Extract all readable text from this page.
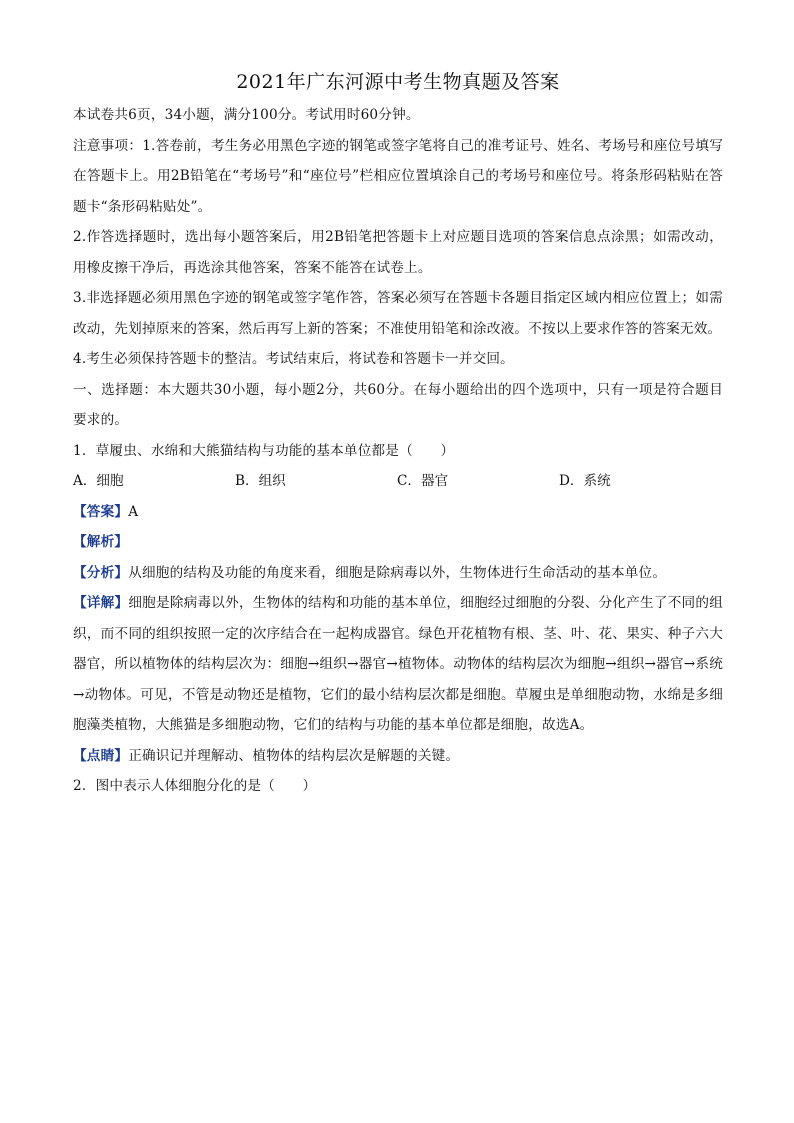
2021年广东河源中考生物真题及答案

本试卷共6页，34小题，满分100分。考试用时60分钟。

注意事项：1.答卷前，考生务必用黑色字迹的钢笔或签字笔将自己的准考证号、姓名、考场号和座位号填写在答题卡上。用2B铅笔在“考场号”和“座位号”栏相应位置填涂自己的考场号和座位号。将条形码粘贴在答题卡“条形码粘贴处”。

2.作答选择题时，选出每小题答案后，用2B铅笔把答题卡上对应题目选项的答案信息点涂黑；如需改动，用橡皮擦干净后，再选涂其他答案，答案不能答在试卷上。

3.非选择题必须用黑色字迹的钢笔或签字笔作答，答案必须写在答题卡各题目指定区域内相应位置上；如需改动，先划掉原来的答案，然后再写上新的答案；不准使用铅笔和涂改液。不按以上要求作答的答案无效。

4.考生必须保持答题卡的整洁。考试结束后，将试卷和答题卡一并交回。

一、选择题：本大题共30小题，每小题2分，共60分。在每小题给出的四个选项中，只有一项是符合题目要求的。

1．草履虫、水绵和大熊猫结构与功能的基本单位都是（　　）

A．细胞	B．组织	C．器官	D．系统

【答案】A

【解析】

【分析】从细胞的结构及功能的角度来看，细胞是除病毒以外，生物体进行生命活动的基本单位。

【详解】细胞是除病毒以外，生物体的结构和功能的基本单位，细胞经过细胞的分裂、分化产生了不同的组织，而不同的组织按照一定的次序结合在一起构成器官。绿色开花植物有根、茎、叶、花、果实、种子六大器官，所以植物体的结构层次为：细胞→组织→器官→植物体。动物体的结构层次为细胞→组织→器官→系统→动物体。可见，不管是动物还是植物，它们的最小结构层次都是细胞。草履虫是单细胞动物，水绵是多细胞藻类植物，大熊猫是多细胞动物，它们的结构与功能的基本单位都是细胞，故选A。

【点睛】正确识记并理解动、植物体的结构层次是解题的关键。

2．图中表示人体细胞分化的是（　　）
